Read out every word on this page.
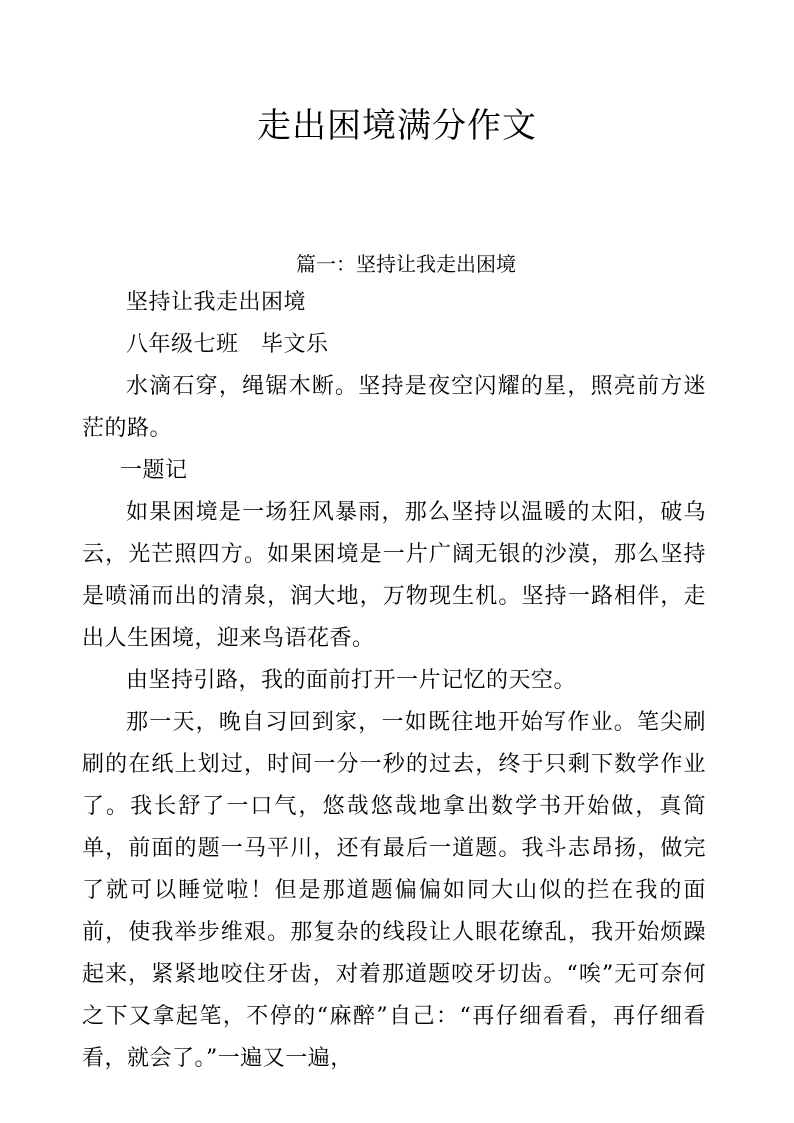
走出困境满分作文
篇一：坚持让我走出困境

坚持让我走出困境

八年级七班　毕文乐

水滴石穿，绳锯木断。坚持是夜空闪耀的星，照亮前方迷茫的路。

一题记

如果困境是一场狂风暴雨，那么坚持以温暖的太阳，破乌云，光芒照四方。如果困境是一片广阔无银的沙漠，那么坚持是喷涌而出的清泉，润大地，万物现生机。坚持一路相伴，走出人生困境，迎来鸟语花香。

由坚持引路，我的面前打开一片记忆的天空。

那一天，晚自习回到家，一如既往地开始写作业。笔尖刷刷的在纸上划过，时间一分一秒的过去，终于只剩下数学作业了。我长舒了一口气，悠哉悠哉地拿出数学书开始做，真简单，前面的题一马平川，还有最后一道题。我斗志昂扬，做完了就可以睡觉啦！但是那道题偏偏如同大山似的拦在我的面前，使我举步维艰。那复杂的线段让人眼花缭乱，我开始烦躁起来，紧紧地咬住牙齿，对着那道题咬牙切齿。“唉”无可奈何之下又拿起笔，不停的“麻醉”自己：“再仔细看看，再仔细看看，就会了。”一遍又一遍，
